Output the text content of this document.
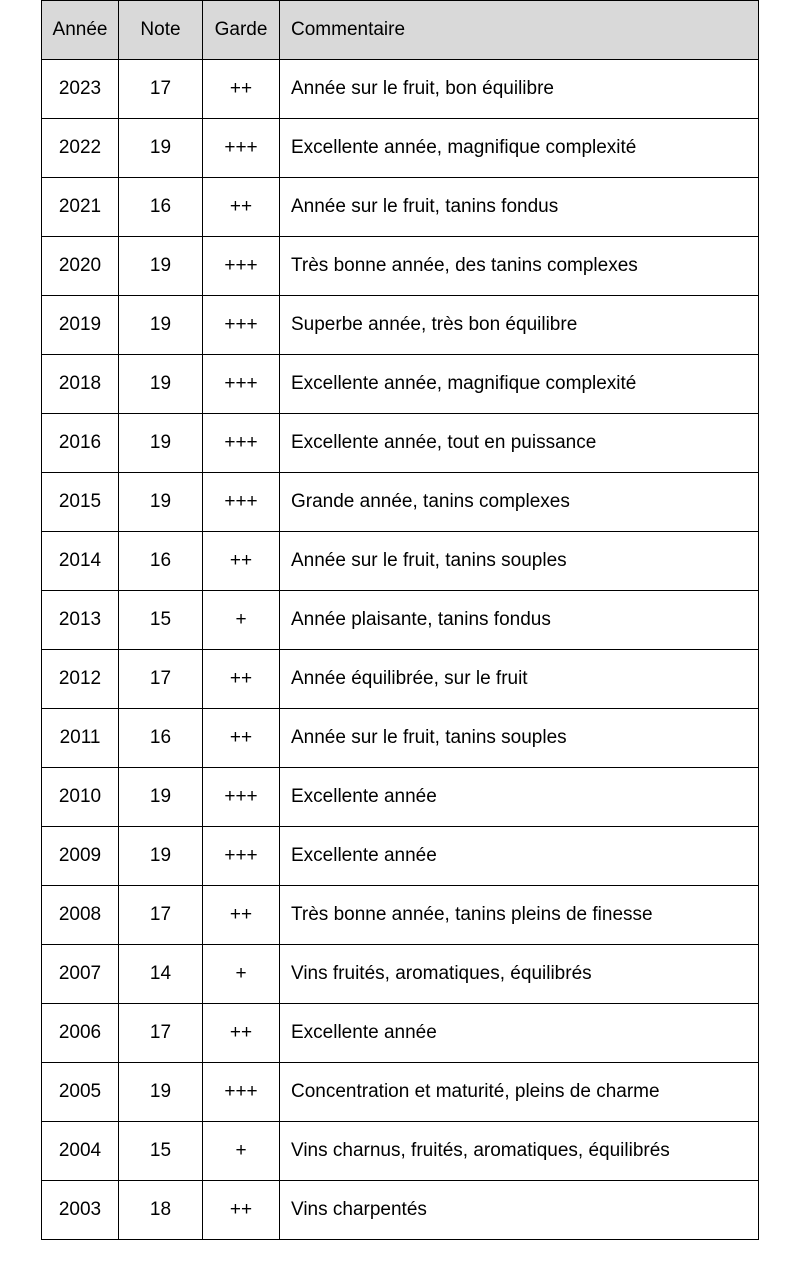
Année	Note	Garde	Commentaire
2023	17	++	Année sur le fruit, bon équilibre
2022	19	+++	Excellente année, magnifique complexité
2021	16	++	Année sur le fruit, tanins fondus
2020	19	+++	Très bonne année, des tanins complexes
2019	19	+++	Superbe année, très bon équilibre
2018	19	+++	Excellente année, magnifique complexité
2016	19	+++	Excellente année, tout en puissance
2015	19	+++	Grande année, tanins complexes
2014	16	++	Année sur le fruit, tanins souples
2013	15	+	Année plaisante, tanins fondus
2012	17	++	Année équilibrée, sur le fruit
2011	16	++	Année sur le fruit, tanins souples
2010	19	+++	Excellente année
2009	19	+++	Excellente année
2008	17	++	Très bonne année, tanins pleins de finesse
2007	14	+	Vins fruités, aromatiques, équilibrés
2006	17	++	Excellente année
2005	19	+++	Concentration et maturité, pleins de charme
2004	15	+	Vins charnus, fruités, aromatiques, équilibrés
2003	18	++	Vins charpentés
